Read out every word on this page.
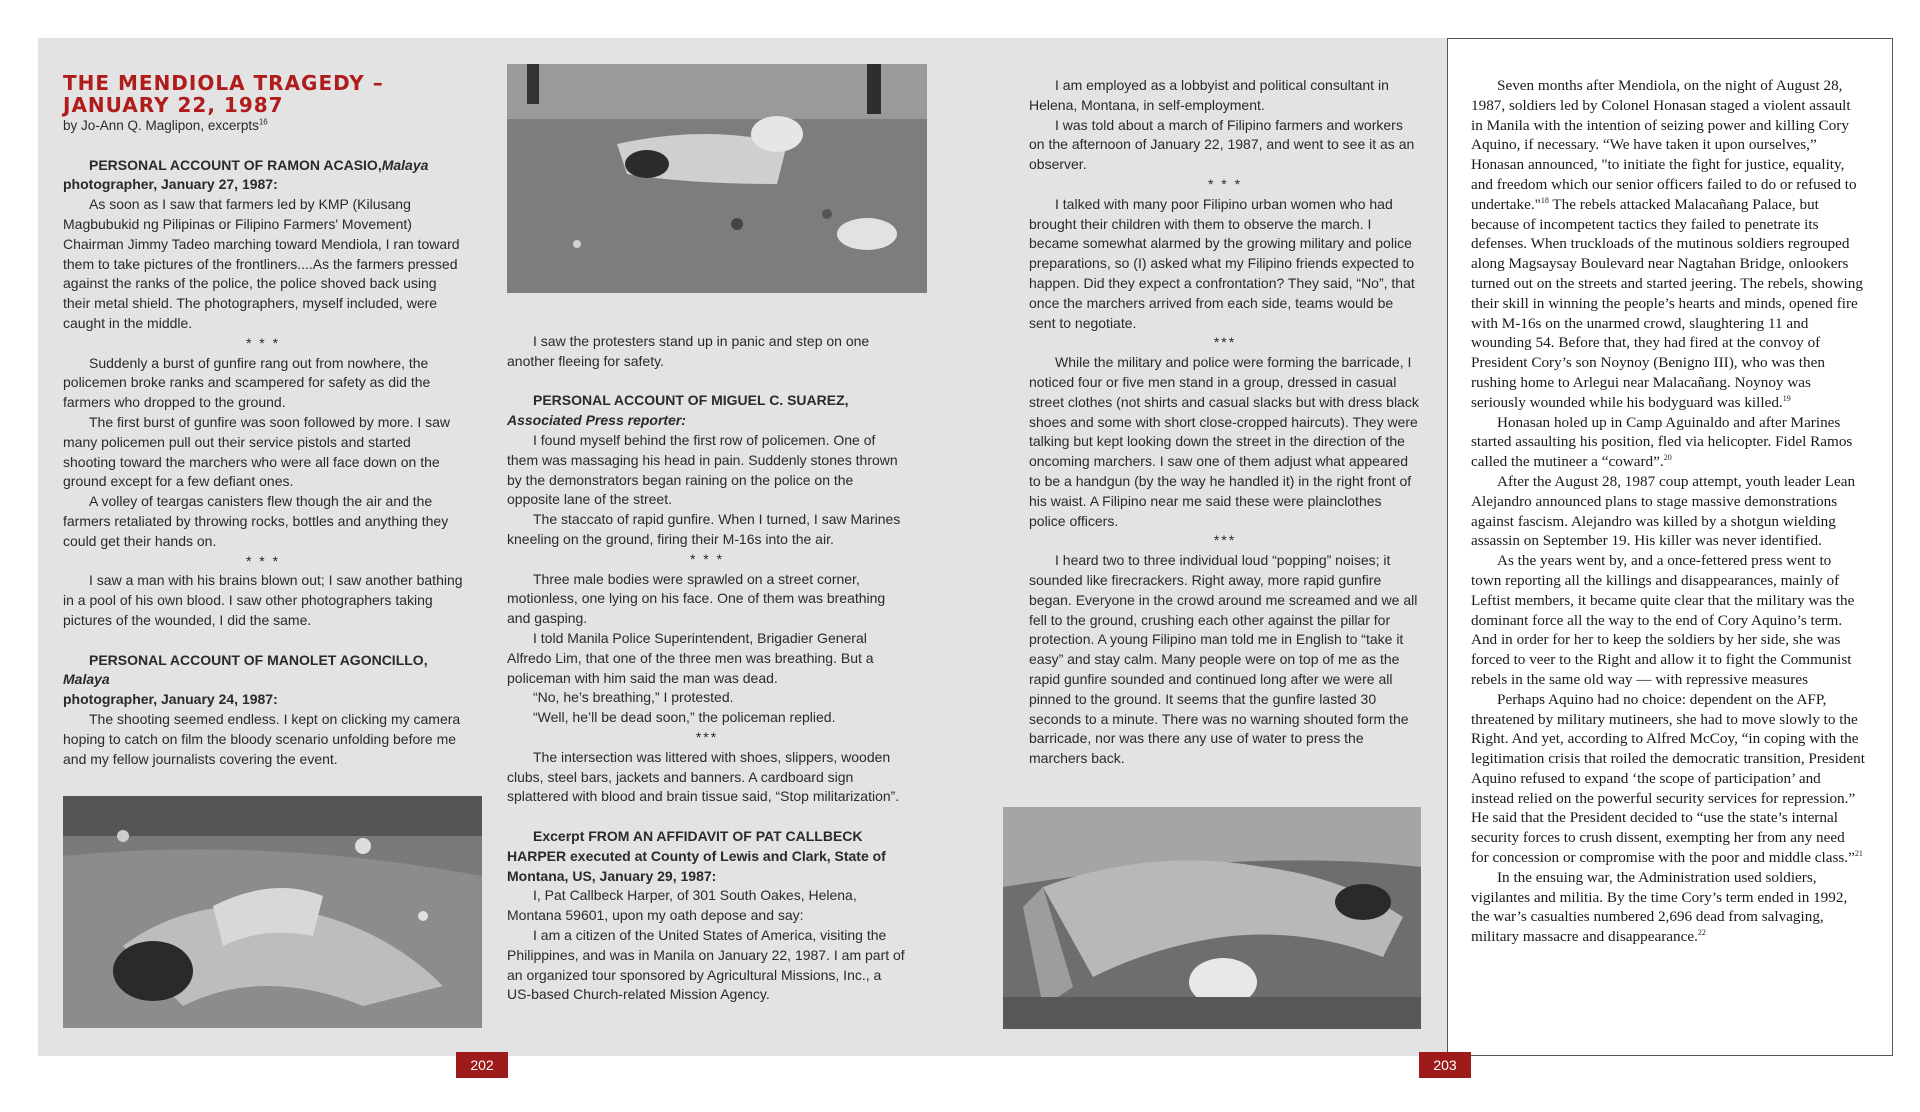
THE MENDIOLA TRAGEDY –
JANUARY 22, 1987

by Jo-Ann Q. Maglipon, excerpts$^{16}$

PERSONAL ACCOUNT OF RAMON ACASIO,Malaya
photographer, January 27, 1987:

As soon as I saw that farmers led by KMP (Kilusang Magbubukid ng Pilipinas or Filipino Farmers' Movement) Chairman Jimmy Tadeo marching toward Mendiola, I ran toward them to take pictures of the frontliners....As the farmers pressed against the ranks of the police, the police shoved back using their metal shield. The photographers, myself included, were caught in the middle.

* * *

Suddenly a burst of gunfire rang out from nowhere, the policemen broke ranks and scampered for safety as did the farmers who dropped to the ground.

The first burst of gunfire was soon followed by more. I saw many policemen pull out their service pistols and started shooting toward the marchers who were all face down on the ground except for a few defiant ones.

A volley of teargas canisters flew though the air and the farmers retaliated by throwing rocks, bottles and anything they could get their hands on.

* * *

I saw a man with his brains blown out; I saw another bathing in a pool of his own blood. I saw other photographers taking pictures of the wounded, I did the same.

PERSONAL ACCOUNT OF MANOLET AGONCILLO, Malaya
photographer, January 24, 1987:

The shooting seemed endless. I kept on clicking my camera hoping to catch on film the bloody scenario unfolding before me and my fellow journalists covering the event.

I saw the protesters stand up in panic and step on one another fleeing for safety.

PERSONAL ACCOUNT OF MIGUEL C. SUAREZ, Associated Press reporter:

I found myself behind the first row of policemen. One of them was massaging his head in pain. Suddenly stones thrown by the demonstrators began raining on the police on the opposite lane of the street.

The staccato of rapid gunfire. When I turned, I saw Marines kneeling on the ground, firing their M-16s into the air.

* * *

Three male bodies were sprawled on a street corner, motionless, one lying on his face. One of them was breathing and gasping.

I told Manila Police Superintendent, Brigadier General Alfredo Lim, that one of the three men was breathing. But a policeman with him said the man was dead.

“No, he’s breathing,” I protested.

“Well, he’ll be dead soon,” the policeman replied.

***

The intersection was littered with shoes, slippers, wooden clubs, steel bars, jackets and banners. A cardboard sign splattered with blood and brain tissue said, “Stop militarization”.

Excerpt FROM AN AFFIDAVIT OF PAT CALLBECK HARPER executed at County of Lewis and Clark, State of Montana, US, January 29, 1987:

I, Pat Callbeck Harper, of 301 South Oakes, Helena, Montana 59601, upon my oath depose and say:

I am a citizen of the United States of America, visiting the Philippines, and was in Manila on January 22, 1987. I am part of an organized tour sponsored by Agricultural Missions, Inc., a US-based Church-related Mission Agency.

I am employed as a lobbyist and political consultant in Helena, Montana, in self-employment.

I was told about a march of Filipino farmers and workers on the afternoon of January 22, 1987, and went to see it as an observer.

* * *

I talked with many poor Filipino urban women who had brought their children with them to observe the march. I became somewhat alarmed by the growing military and police preparations, so (I) asked what my Filipino friends expected to happen. Did they expect a confrontation? They said, “No”, that once the marchers arrived from each side, teams would be sent to negotiate.

***

While the military and police were forming the barricade, I noticed four or five men stand in a group, dressed in casual street clothes (not shirts and casual slacks but with dress black shoes and some with short close-cropped haircuts). They were talking but kept looking down the street in the direction of the oncoming marchers. I saw one of them adjust what appeared to be a handgun (by the way he handled it) in the right front of his waist. A Filipino near me said these were plainclothes police officers.

***

I heard two to three individual loud “popping” noises; it sounded like firecrackers. Right away, more rapid gunfire began. Everyone in the crowd around me screamed and we all fell to the ground, crushing each other against the pillar for protection. A young Filipino man told me in English to “take it easy” and stay calm. Many people were on top of me as the rapid gunfire sounded and continued long after we were all pinned to the ground. It seems that the gunfire lasted 30 seconds to a minute. There was no warning shouted form the barricade, nor was there any use of water to press the marchers back.

Seven months after Mendiola, on the night of August 28, 1987, soldiers led by Colonel Honasan staged a violent assault in Manila with the intention of seizing power and killing Cory Aquino, if necessary. “We have taken it upon ourselves,” Honasan announced, "to initiate the fight for justice, equality, and freedom which our senior officers failed to do or refused to undertake."$^{18}$ The rebels attacked Malacañang Palace, but because of incompetent tactics they failed to penetrate its defenses. When truckloads of the mutinous soldiers regrouped along Magsaysay Boulevard near Nagtahan Bridge, onlookers turned out on the streets and started jeering. The rebels, showing their skill in winning the people’s hearts and minds, opened fire with M-16s on the unarmed crowd, slaughtering 11 and wounding 54. Before that, they had fired at the convoy of President Cory’s son Noynoy (Benigno III), who was then rushing home to Arlegui near Malacañang. Noynoy was seriously wounded while his bodyguard was killed.$^{19}$

Honasan holed up in Camp Aguinaldo and after Marines started assaulting his position, fled via helicopter. Fidel Ramos called the mutineer a “coward”.$^{20}$

After the August 28, 1987 coup attempt, youth leader Lean Alejandro announced plans to stage massive demonstrations against fascism. Alejandro was killed by a shotgun wielding assassin on September 19. His killer was never identified.

As the years went by, and a once-fettered press went to town reporting all the killings and disappearances, mainly of Leftist members, it became quite clear that the military was the dominant force all the way to the end of Cory Aquino’s term. And in order for her to keep the soldiers by her side, she was forced to veer to the Right and allow it to fight the Communist rebels in the same old way — with repressive measures

Perhaps Aquino had no choice: dependent on the AFP, threatened by military mutineers, she had to move slowly to the Right. And yet, according to Alfred McCoy, “in coping with the legitimation crisis that roiled the democratic transition, President Aquino refused to expand ‘the scope of participation’ and instead relied on the powerful security services for repression.” He said that the President decided to “use the state’s internal security forces to crush dissent, exempting her from any need for concession or compromise with the poor and middle class.”$^{21}$

In the ensuing war, the Administration used soldiers, vigilantes and militia. By the time Cory’s term ended in 1992, the war’s casualties numbered 2,696 dead from salvaging, military massacre and disappearance.$^{22}$

202	203
